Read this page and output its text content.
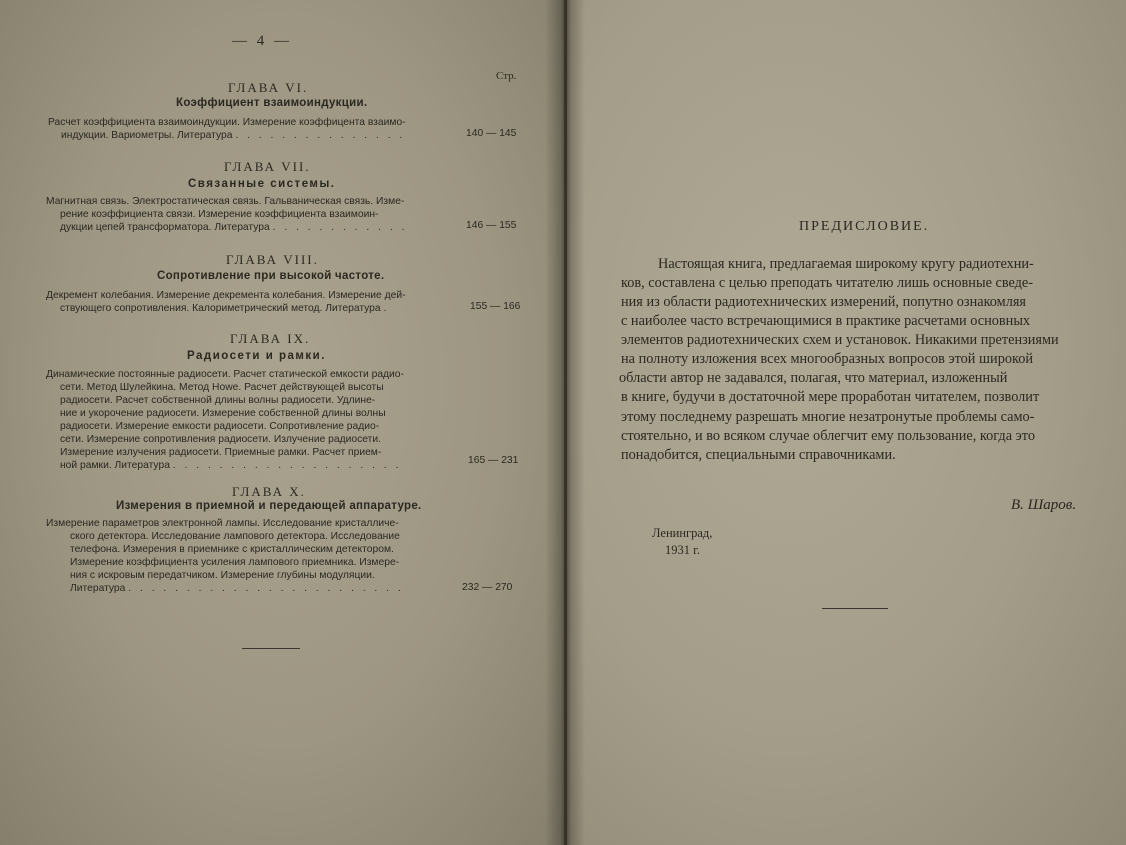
— 4 —
Стр.
ГЛАВА VI.
Коэффициент взаимоиндукции.
Расчет коэффициента взаимоиндукции. Измерение коэффицента взаимо-
индукции. Вариометры. Литература . . . . . . . . . . . . . . .	140 — 145
ГЛАВА VII.
Связанные системы.
Магнитная связь. Электростатическая связь. Гальваническая связь. Изме-
рение коэффициента связи. Измерение коэффициента взаимоин-
дукции цепей трансформатора. Литература . . . . . . . . . . . .	146 — 155
ГЛАВА VIII.
Сопротивление при высокой частоте.
Декремент колебания. Измерение декремента колебания. Измерение дей-
ствующего сопротивления. Калориметрический метод. Литература .	155 — 166
ГЛАВА IX.
Радиосети и рамки.
Динамические постоянные радиосети. Расчет статической емкости радио-
сети. Метод Шулейкина. Метод Howe. Расчет действующей высоты
радиосети. Расчет собственной длины волны радиосети. Удлине-
ние и укорочение радиосети. Измерение собственной длины волны
радиосети. Измерение емкости радиосети. Сопротивление радио-
сети. Измерение сопротивления радиосети. Излучение радиосети.
Измерение излучения радиосети. Приемные рамки. Расчет прием-
ной рамки. Литература . . . . . . . . . . . . . . . . . . . .	165 — 231
ГЛАВА X.
Измерения в приемной и передающей аппаратуре.
Измерение параметров электронной лампы. Исследование кристалличе-
ского детектора. Исследование лампового детектора. Исследование
телефона. Измерения в приемнике с кристаллическим детектором.
Измерение коэффициента усиления лампового приемника. Измере-
ния с искровым передатчиком. Измерение глубины модуляции.
Литература . . . . . . . . . . . . . . . . . . . . . . . .	232 — 270
ПРЕДИСЛОВИЕ.
Настоящая книга, предлагаемая широкому кругу радиотехни-
ков, составлена с целью преподать читателю лишь основные сведе-
ния из области радиотехнических измерений, попутно ознакомляя
с наиболее часто встречающимися в практике расчетами основных
элементов радиотехнических схем и установок. Никакими претензиями
на полноту изложения всех многообразных вопросов этой широкой
области автор не задавался, полагая, что материал, изложенный
в книге, будучи в достаточной мере проработан читателем, позволит
этому последнему разрешать многие незатронутые проблемы само-
стоятельно, и во всяком случае облегчит ему пользование, когда это
понадобится, специальными справочниками.
В. Шаров.
Ленинград,
1931 г.
